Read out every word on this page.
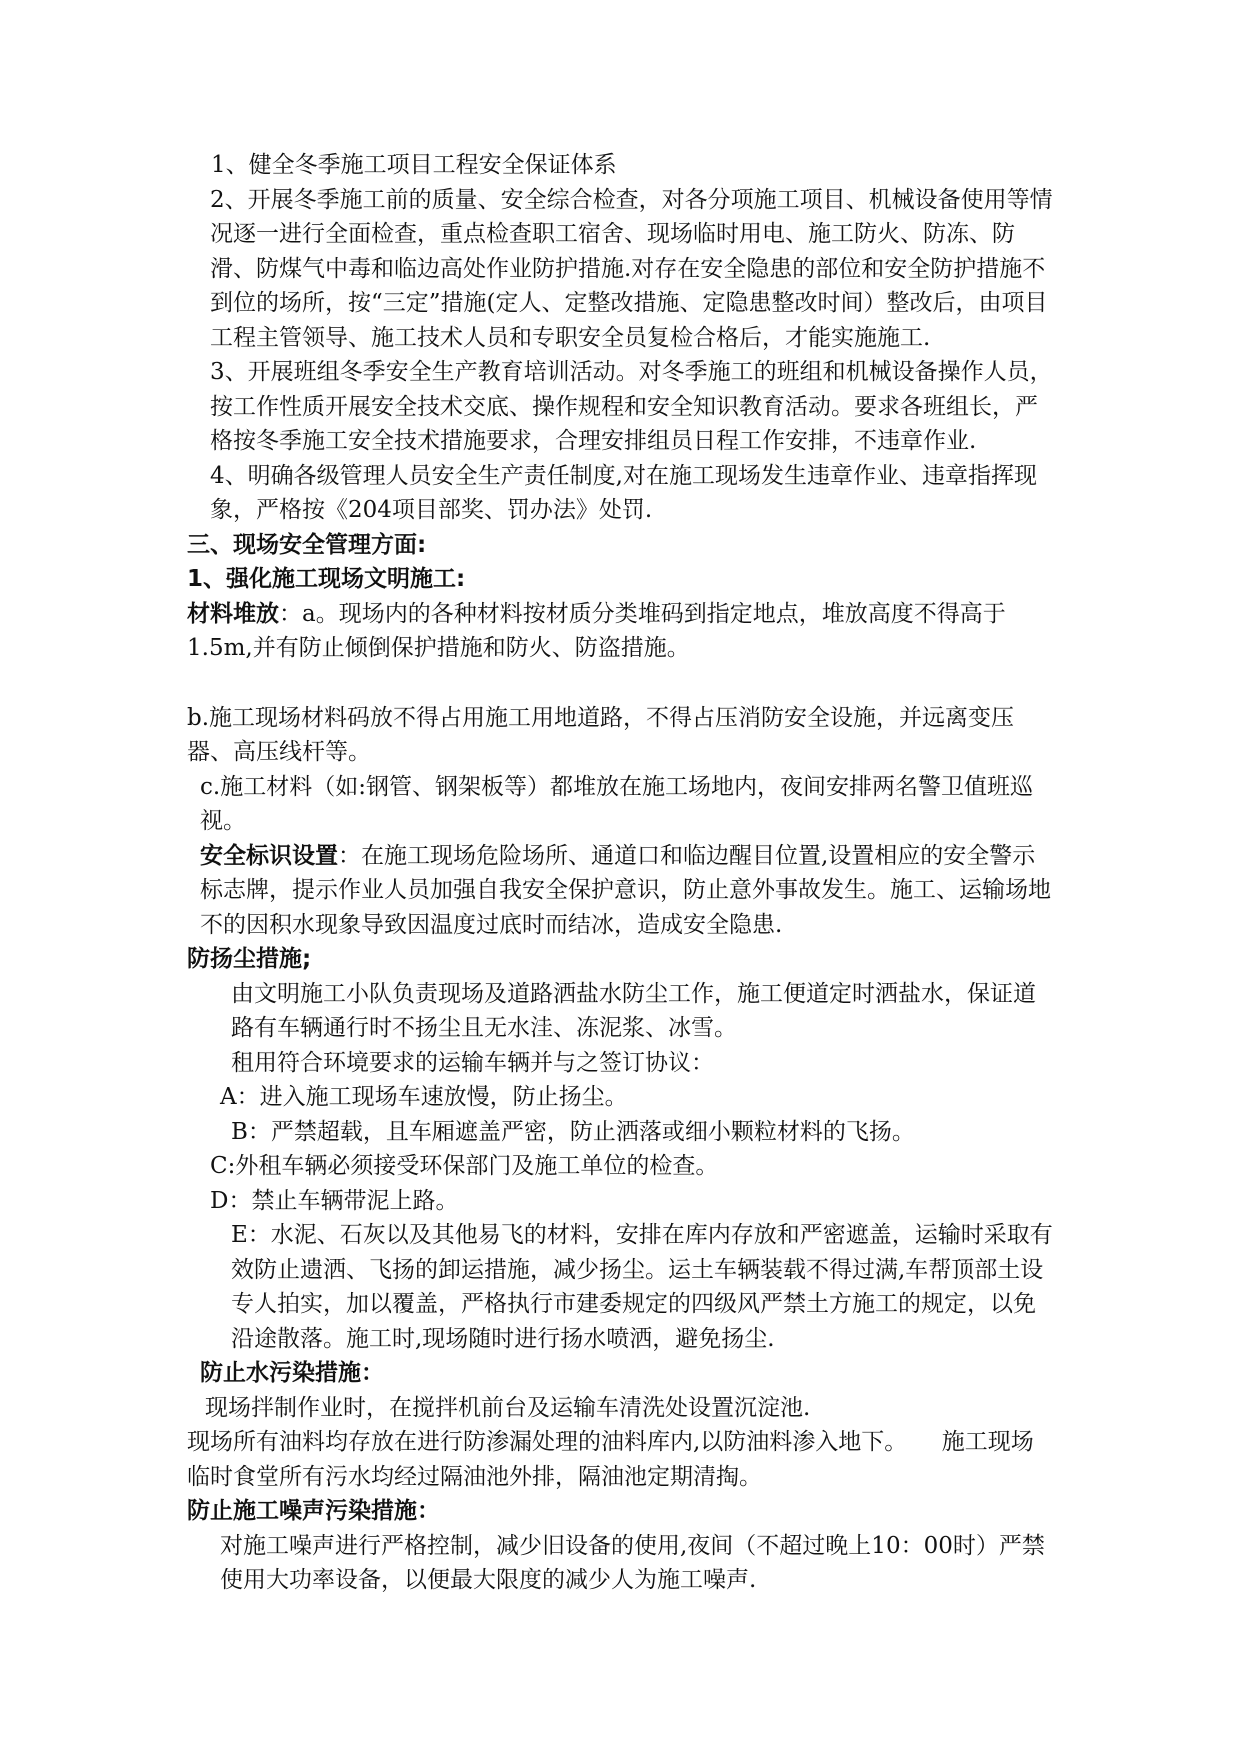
1、健全冬季施工项目工程安全保证体系

2、开展冬季施工前的质量、安全综合检查，对各分项施工项目、机械设备使用等情况逐一进行全面检查，重点检查职工宿舍、现场临时用电、施工防火、防冻、防滑、防煤气中毒和临边高处作业防护措施.对存在安全隐患的部位和安全防护措施不到位的场所，按“三定”措施(定人、定整改措施、定隐患整改时间）整改后，由项目工程主管领导、施工技术人员和专职安全员复检合格后，才能实施施工.

3、开展班组冬季安全生产教育培训活动。对冬季施工的班组和机械设备操作人员，按工作性质开展安全技术交底、操作规程和安全知识教育活动。要求各班组长，严格按冬季施工安全技术措施要求，合理安排组员日程工作安排，不违章作业.

4、明确各级管理人员安全生产责任制度,对在施工现场发生违章作业、违章指挥现象，严格按《204项目部奖、罚办法》处罚.

三、现场安全管理方面:

1、强化施工现场文明施工:

材料堆放：a。现场内的各种材料按材质分类堆码到指定地点，堆放高度不得高于1.5m,并有防止倾倒保护措施和防火、防盗措施。

b.施工现场材料码放不得占用施工用地道路，不得占压消防安全设施，并远离变压器、高压线杆等。

c.施工材料（如:钢管、钢架板等）都堆放在施工场地内，夜间安排两名警卫值班巡视。

安全标识设置：在施工现场危险场所、通道口和临边醒目位置,设置相应的安全警示标志牌，提示作业人员加强自我安全保护意识，防止意外事故发生。施工、运输场地不的因积水现象导致因温度过底时而结冰，造成安全隐患.

防扬尘措施;

由文明施工小队负责现场及道路洒盐水防尘工作，施工便道定时洒盐水，保证道路有车辆通行时不扬尘且无水洼、冻泥浆、冰雪。

租用符合环境要求的运输车辆并与之签订协议：

A：进入施工现场车速放慢，防止扬尘。

B：严禁超载，且车厢遮盖严密，防止洒落或细小颗粒材料的飞扬。

C:外租车辆必须接受环保部门及施工单位的检查。

D：禁止车辆带泥上路。

E：水泥、石灰以及其他易飞的材料，安排在库内存放和严密遮盖，运输时采取有效防止遗洒、飞扬的卸运措施，减少扬尘。运土车辆装载不得过满,车帮顶部土设专人拍实，加以覆盖，严格执行市建委规定的四级风严禁土方施工的规定，以免沿途散落。施工时,现场随时进行扬水喷洒，避免扬尘.

防止水污染措施：

现场拌制作业时，在搅拌机前台及运输车清洗处设置沉淀池.

现场所有油料均存放在进行防渗漏处理的油料库内,以防油料渗入地下。　　施工现场临时食堂所有污水均经过隔油池外排，隔油池定期清掏。

防止施工噪声污染措施：

对施工噪声进行严格控制，减少旧设备的使用,夜间（不超过晚上10：00时）严禁使用大功率设备，以便最大限度的减少人为施工噪声.
